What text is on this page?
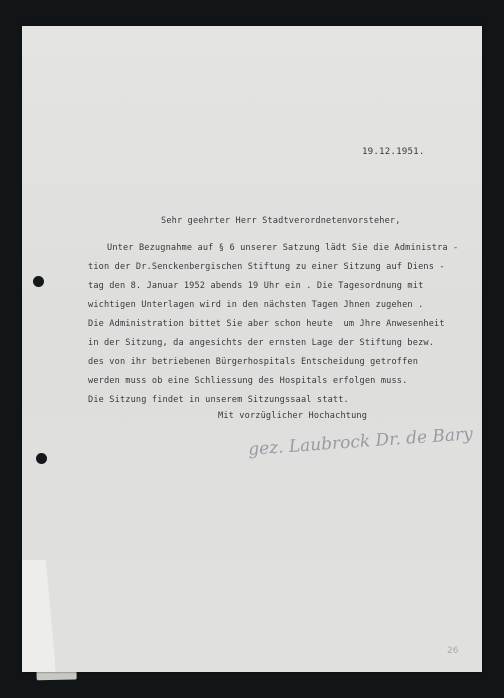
19.12.1951.
Sehr geehrter Herr Stadtverordnetenvorsteher,
Unter Bezugnahme auf § 6 unserer Satzung lädt Sie die Administra -
tion der Dr.Senckenbergischen Stiftung zu einer Sitzung auf Diens -
tag den 8. Januar 1952 abends 19 Uhr ein . Die Tagesordnung mit
wichtigen Unterlagen wird in den nächsten Tagen Jhnen zugehen .
Die Administration bittet Sie aber schon heute  um Jhre Anwesenheit
in der Sitzung, da angesichts der ernsten Lage der Stiftung bezw.
des von ihr betriebenen Bürgerhospitals Entscheidung getroffen
werden muss ob eine Schliessung des Hospitals erfolgen muss.
Die Sitzung findet in unserem Sitzungssaal statt.
Mit vorzüglicher Hochachtung
gez. Laubrock Dr. de Bary
26
